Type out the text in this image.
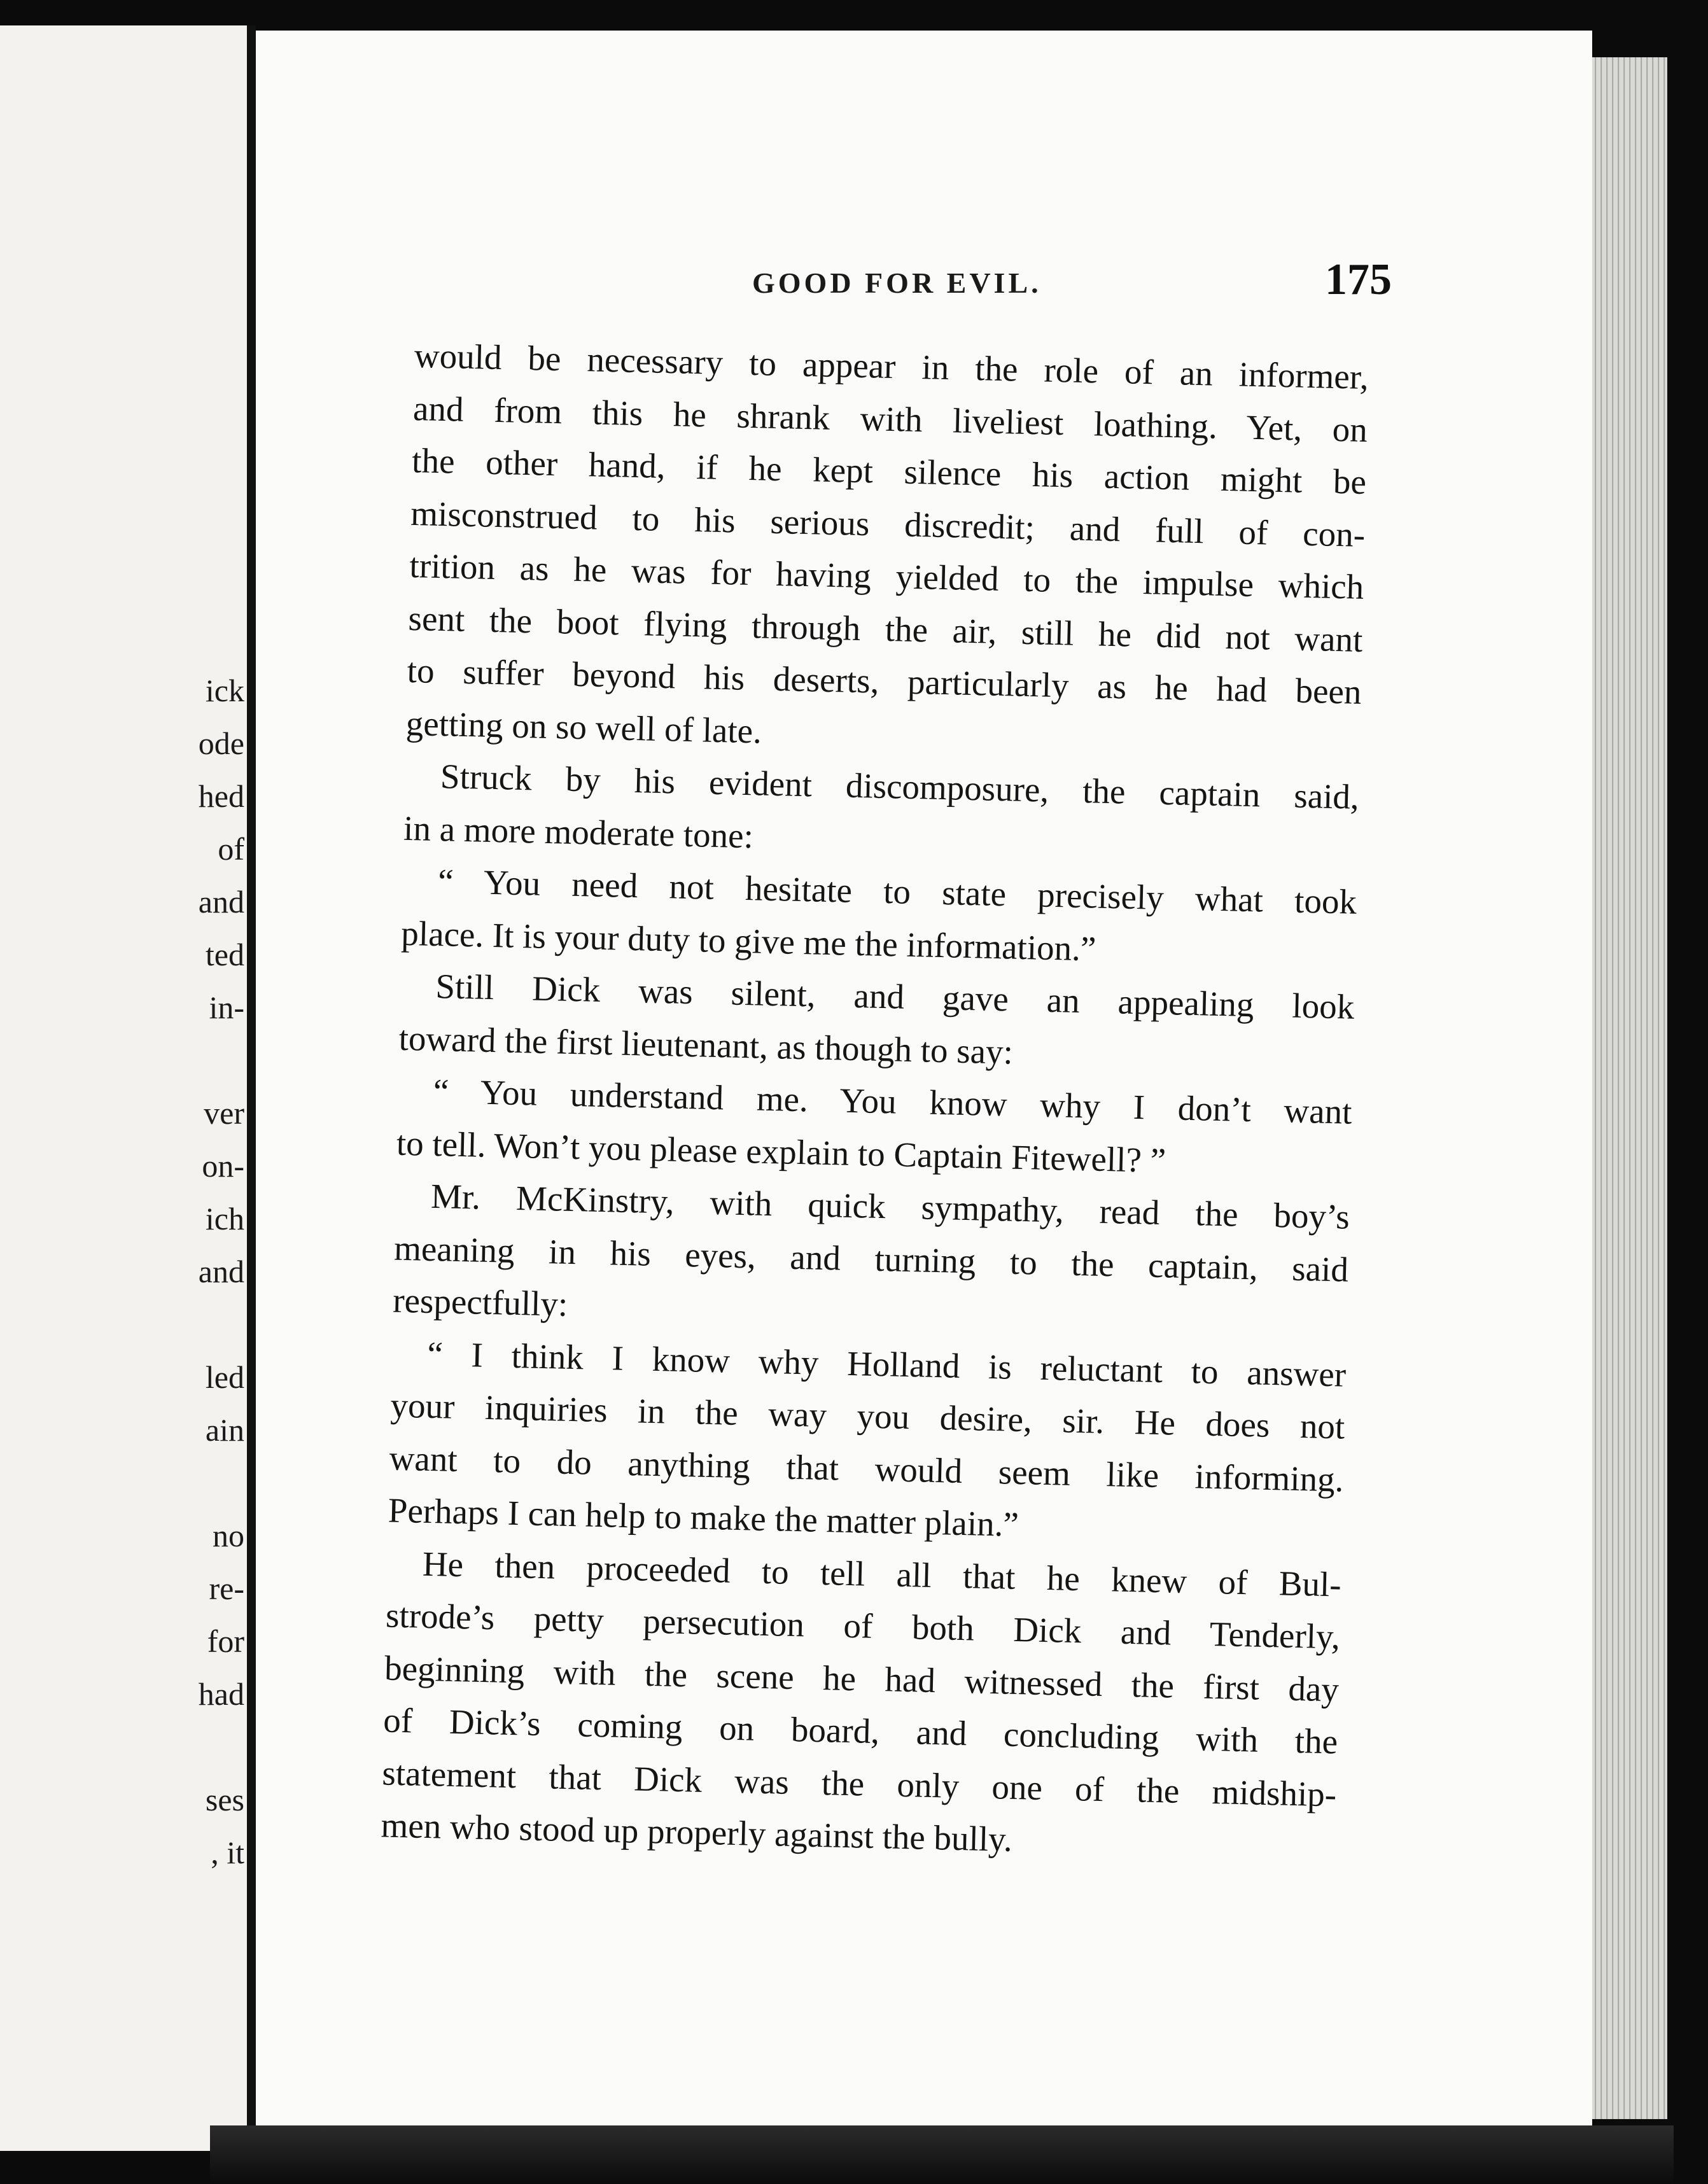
ick
ode
hed
of
and
ted
in-
ver
on-
ich
and
led
ain
no
re-
for
had
ses
, it
GOOD FOR EVIL.	175
would be necessary to appear in the role of an informer,
and from this he shrank with liveliest loathing. Yet, on
the other hand, if he kept silence his action might be
misconstrued to his serious discredit; and full of con-
trition as he was for having yielded to the impulse which
sent the boot flying through the air, still he did not want
to suffer beyond his deserts, particularly as he had been
getting on so well of late.
Struck by his evident discomposure, the captain said,
in a more moderate tone:
“ You need not hesitate to state precisely what took
place. It is your duty to give me the information.”
Still Dick was silent, and gave an appealing look
toward the first lieutenant, as though to say:
“ You understand me. You know why I don’t want
to tell. Won’t you please explain to Captain Fitewell? ”
Mr. McKinstry, with quick sympathy, read the boy’s
meaning in his eyes, and turning to the captain, said
respectfully:
“ I think I know why Holland is reluctant to answer
your inquiries in the way you desire, sir. He does not
want to do anything that would seem like informing.
Perhaps I can help to make the matter plain.”
He then proceeded to tell all that he knew of Bul-
strode’s petty persecution of both Dick and Tenderly,
beginning with the scene he had witnessed the first day
of Dick’s coming on board, and concluding with the
statement that Dick was the only one of the midship-
men who stood up properly against the bully.
